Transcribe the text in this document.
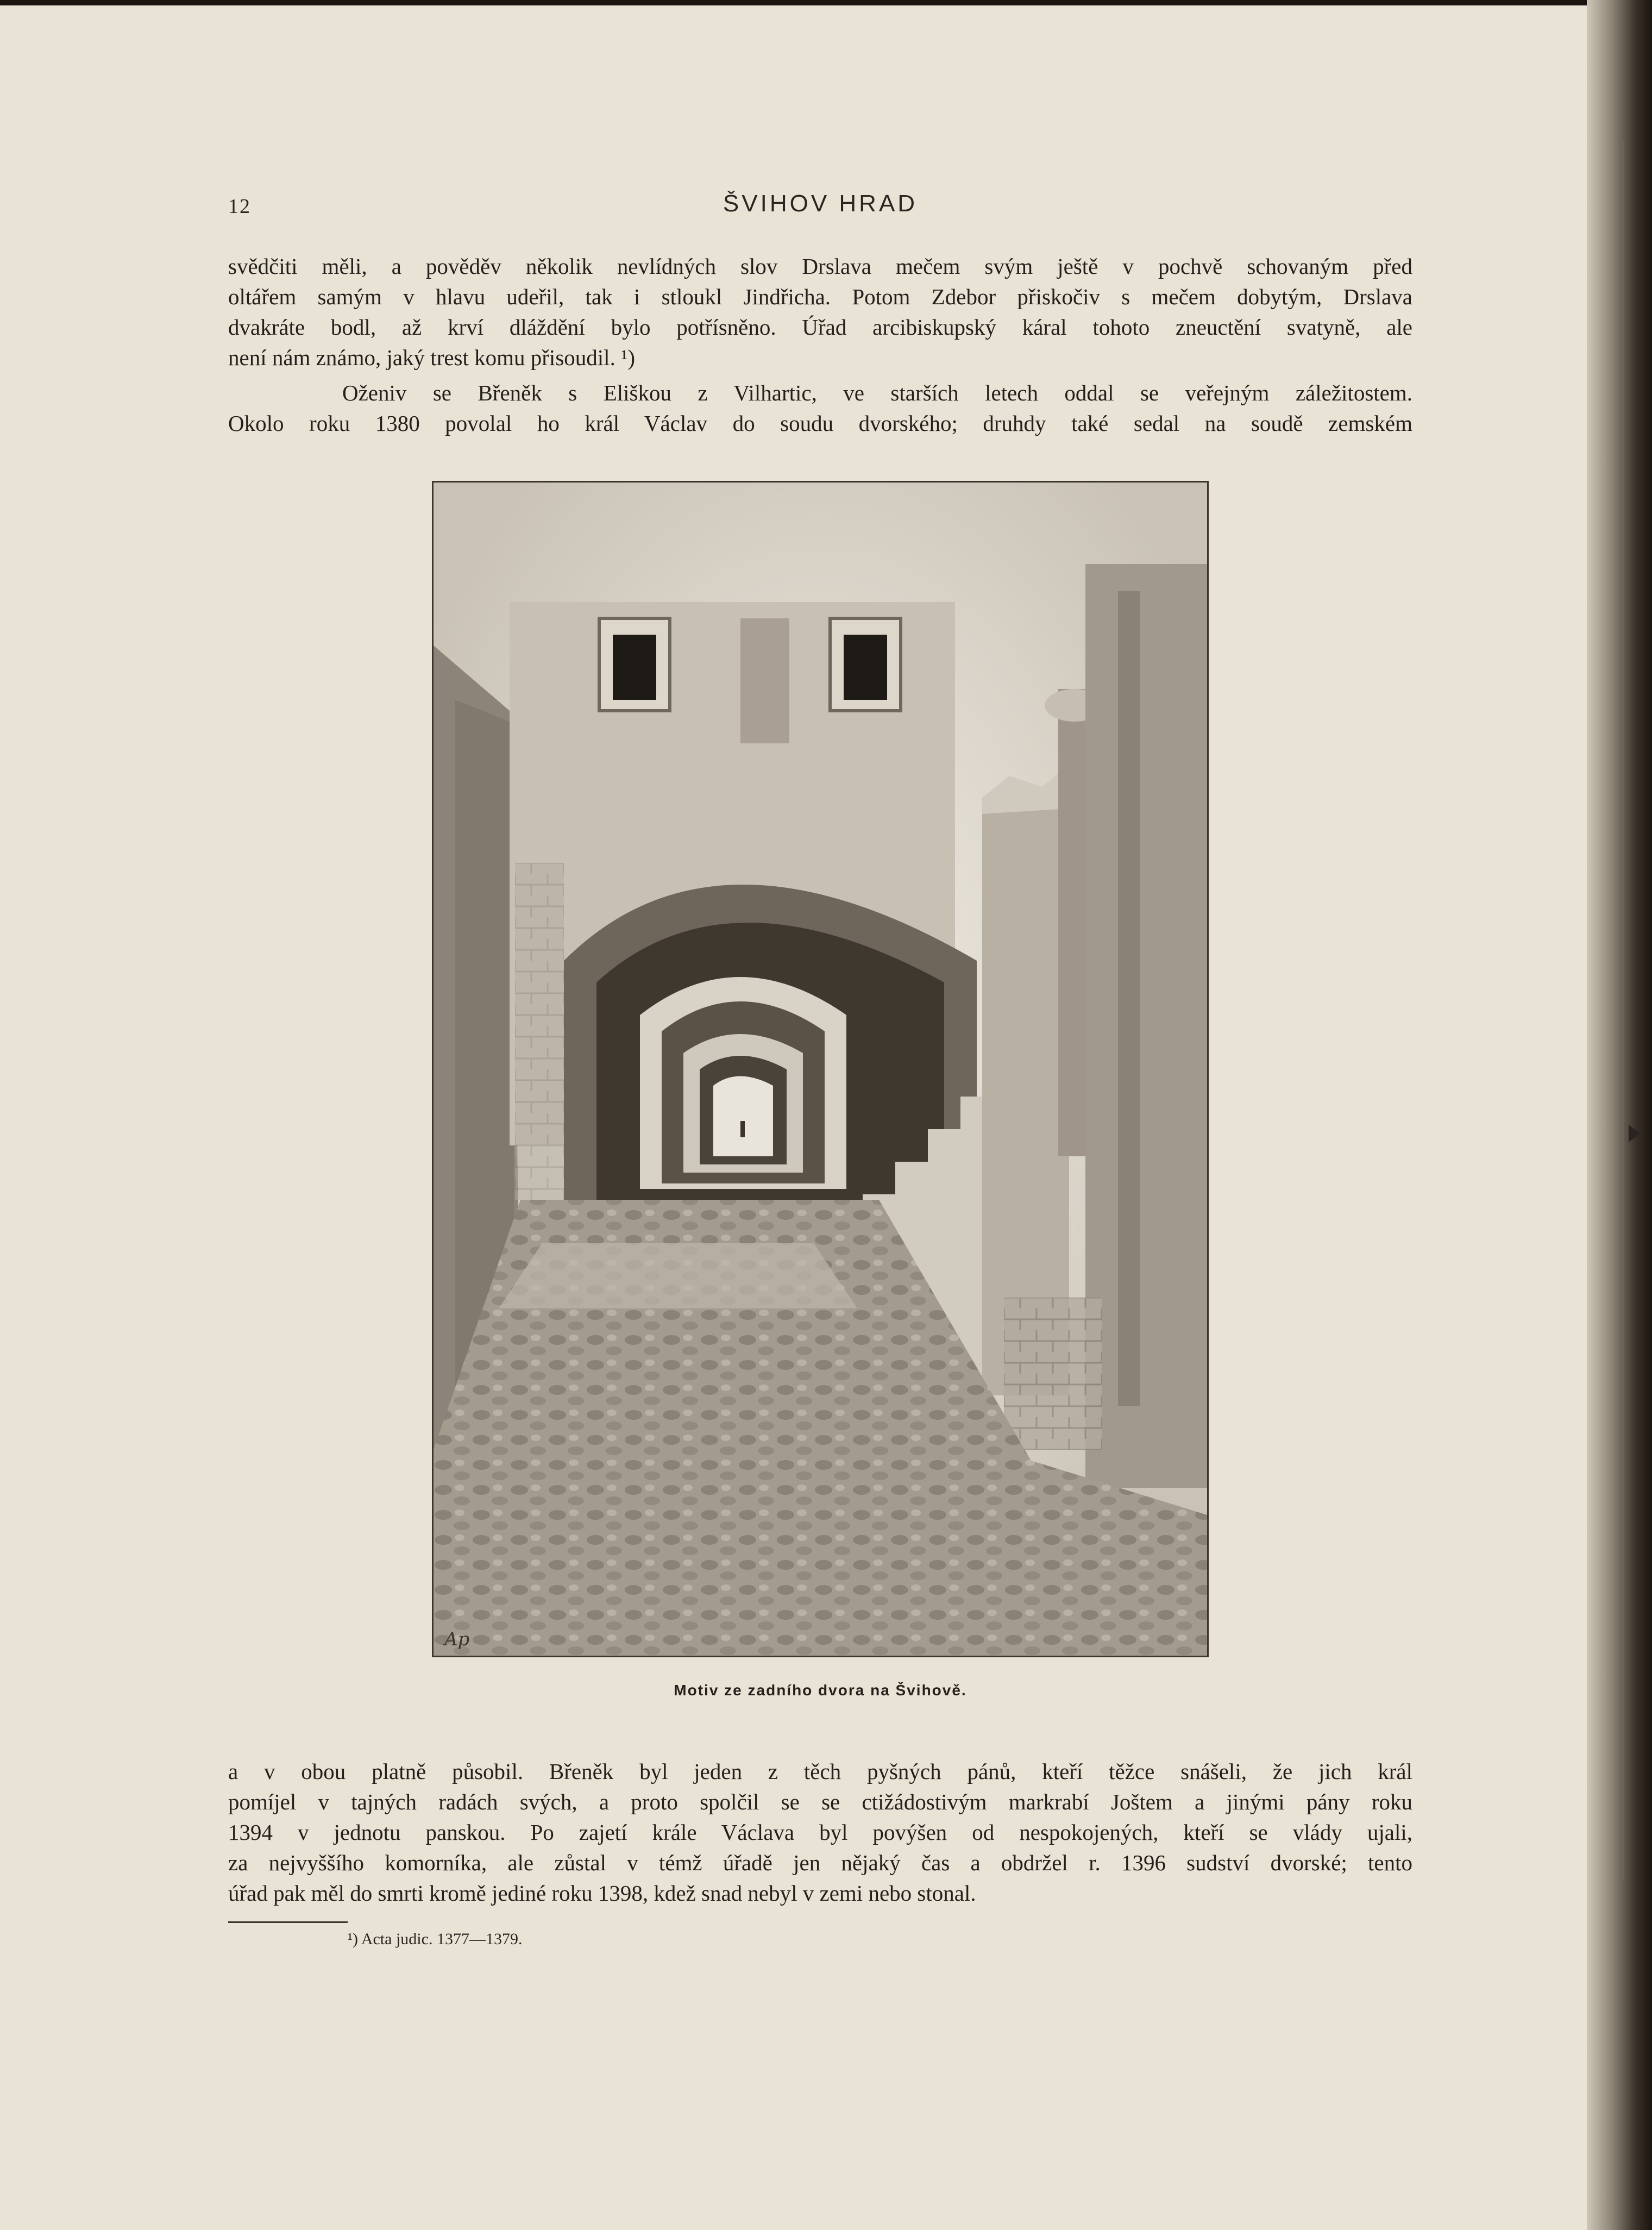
12	ŠVIHOV HRAD

svědčiti měli, a pověděv několik nevlídných slov Drslava mečem svým ještě v pochvě schovaným před
oltářem samým v hlavu udeřil, tak i stloukl Jindřicha. Potom Zdebor přiskočiv s mečem dobytým, Drslava
dvakráte bodl, až krví dláždění bylo potřísněno. Úřad arcibiskupský káral tohoto zneuctění svatyně, ale
není nám známo, jaký trest komu přisoudil. ¹)

Oženiv se Břeněk s Eliškou z Vilhartic, ve starších letech oddal se veřejným záležitostem.
Okolo roku 1380 povolal ho král Václav do soudu dvorského; druhdy také sedal na soudě zemském

Ap
Motiv ze zadního dvora na Švihově.

a v obou platně působil. Břeněk byl jeden z těch pyšných pánů, kteří těžce snášeli, že jich král
pomíjel v tajných radách svých, a proto spolčil se se ctižádostivým markrabí Joštem a jinými pány roku
1394 v jednotu panskou. Po zajetí krále Václava byl povýšen od nespokojených, kteří se vlády ujali,
za nejvyššího komorníka, ale zůstal v témž úřadě jen nějaký čas a obdržel r. 1396 sudství dvorské; tento
úřad pak měl do smrti kromě jediné roku 1398, kdež snad nebyl v zemi nebo stonal.

¹) Acta judic. 1377—1379.
